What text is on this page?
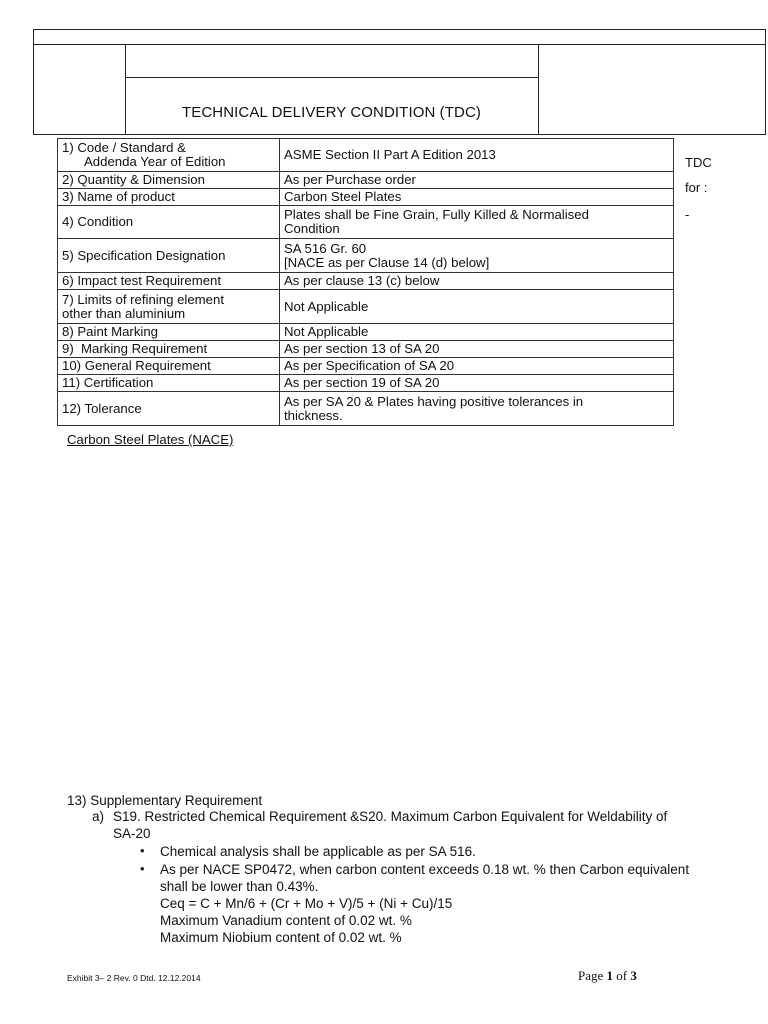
TECHNICAL DELIVERY CONDITION (TDC)
TDC
for :
-
1) Code / Standard &
Addenda Year of Edition	ASME Section II Part A Edition 2013
2) Quantity & Dimension	As per Purchase order
3) Name of product	Carbon Steel Plates
4) Condition	Plates shall be Fine Grain, Fully Killed & Normalised
Condition

5) Specification Designation	SA 516 Gr. 60
[NACE as per Clause 14 (d) below]

6) Impact test Requirement	As per clause 13 (c) below

7) Limits of refining element
other than aluminium	Not Applicable
8) Paint Marking	Not Applicable
9)  Marking Requirement	As per section 13 of SA 20
10) General Requirement	As per Specification of SA 20
11) Certification	As per section 19 of SA 20
12) Tolerance	As per SA 20 & Plates having positive tolerances in
thickness.
Carbon Steel Plates (NACE)
13) Supplementary Requirement
a) S19. Restricted Chemical Requirement &S20. Maximum Carbon Equivalent for Weldability of SA-20
• Chemical analysis shall be applicable as per SA 516.
• As per NACE SP0472, when carbon content exceeds 0.18 wt. % then Carbon equivalent shall be lower than 0.43%.
Ceq = C + Mn/6 + (Cr + Mo + V)/5 + (Ni + Cu)/15
Maximum Vanadium content of 0.02 wt. %
Maximum Niobium content of 0.02 wt. %
Exhibit 3– 2 Rev. 0 Dtd. 12.12.2014	Page 1 of 3
